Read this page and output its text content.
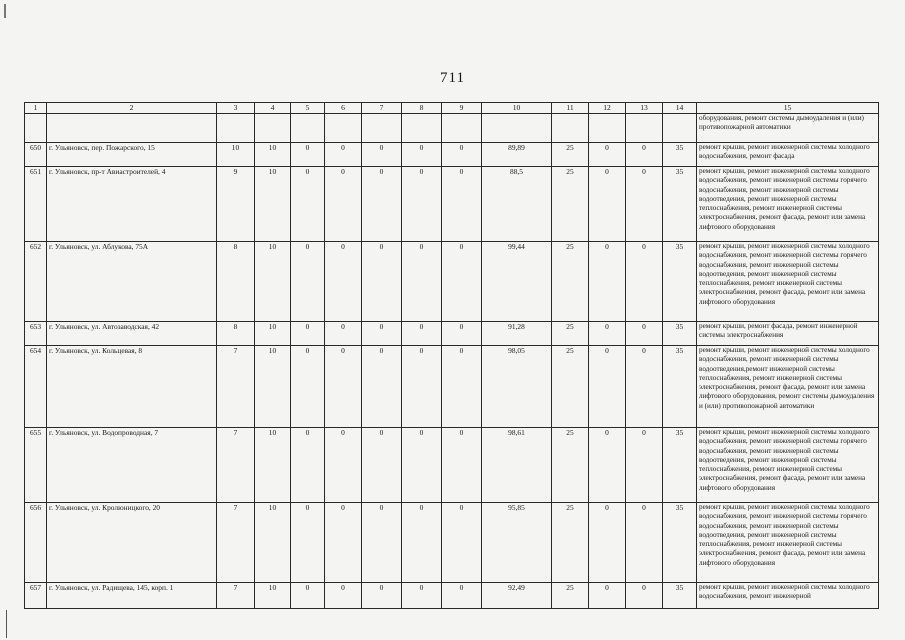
711
1	2	3	4	5	6	7	8	9	10	11	12	13	14	15
														оборудования, ремонт системы дымоудаления и (или) противопожарной автоматики
650	г. Ульяновск, пер. Пожарского, 15	10	10	0	0	0	0	0	89,89	25	0	0	35	ремонт крыши, ремонт инженерной системы холодного водоснабжения, ремонт фасада
651	г. Ульяновск, пр-т Авиастроителей, 4	9	10	0	0	0	0	0	88,5	25	0	0	35	ремонт крыши, ремонт инженерной системы холодного водоснабжения, ремонт инженерной системы горячего водоснабжения, ремонт инженерной системы водоотведения, ремонт инженерной системы теплоснабжения, ремонт инженерной системы электроснабжения, ремонт фасада, ремонт или замена лифтового оборудования
652	г. Ульяновск, ул. Аблукова, 75А	8	10	0	0	0	0	0	99,44	25	0	0	35	ремонт крыши, ремонт инженерной системы холодного водоснабжения, ремонт инженерной системы горячего водоснабжения, ремонт инженерной системы водоотведения, ремонт инженерной системы теплоснабжения, ремонт инженерной системы электроснабжения, ремонт фасада, ремонт или замена лифтового оборудования
653	г. Ульяновск, ул. Автозаводская, 42	8	10	0	0	0	0	0	91,28	25	0	0	35	ремонт крыши, ремонт фасада, ремонт инженерной системы электроснабжения
654	г. Ульяновск, ул. Кольцевая, 8	7	10	0	0	0	0	0	98,05	25	0	0	35	ремонт крыши, ремонт инженерной системы холодного водоснабжения, ремонт инженерной системы водоотведения,ремонт инженерной системы теплоснабжения, ремонт инженерной системы электроснабжения, ремонт фасада, ремонт или замена лифтового оборудования, ремонт системы дымоудаления и (или) противопожарной автоматики
655	г. Ульяновск, ул. Водопроводная, 7	7	10	0	0	0	0	0	98,61	25	0	0	35	ремонт крыши, ремонт инженерной системы холодного водоснабжения, ремонт инженерной системы горячего водоснабжения, ремонт инженерной системы водоотведения, ремонт инженерной системы теплоснабжения, ремонт инженерной системы электроснабжения, ремонт фасада, ремонт или замена лифтового оборудования
656	г. Ульяновск, ул. Кролюницкого, 20	7	10	0	0	0	0	0	95,85	25	0	0	35	ремонт крыши, ремонт инженерной системы холодного водоснабжения, ремонт инженерной системы горячего водоснабжения, ремонт инженерной системы водоотведения, ремонт инженерной системы теплоснабжения, ремонт инженерной системы электроснабжения, ремонт фасада, ремонт или замена лифтового оборудования
657	г. Ульяновск, ул. Радищева, 145, корп. 1	7	10	0	0	0	0	0	92,49	25	0	0	35	ремонт крыши, ремонт инженерной системы холодного водоснабжения, ремонт инженерной
